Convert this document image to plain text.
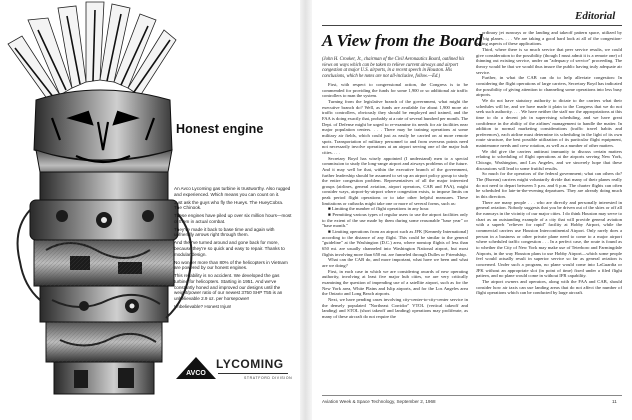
Honest engine

An Avco Lycoming gas turbine is trustworthy. Also rugged and experienced. Which means you can count on it.

Just ask the guys who fly the Hueys. The HueyCobra. The Chinook.

These engines have piled up over six million hours—most of them in actual combat.

They've made it back to base time and again with unfriendly arrows right through them.

And they've turned around and gone back for more, because they're so quick and easy to repair. Thanks to modular design.

No wonder more than 80% of the helicopters in Vietnam are powered by our honest engines.

This reliability is no accident. We developed the gas turbine for helicopters. Starting in 1951. And we've constantly honed and improved our designs until the weight/power ratio of our newest 3750 SHP T55 is an unbelievable 2.9 oz. per horsepower!

Unbelievable? Honest Injun!

AVCO
LYCOMING
STRATFORD DIVISION
Editorial
A View from the Board
(John H. Crooker, Jr., chairman of the Civil Aeronautics Board, outlined his views on ways which can be taken to relieve current airways and airport congestion at major U.S. airports, in a recent speech in Houston. His conclusions, which he notes are not all-inclusive, follow.—Ed.)

First, with respect to congressional action, the Congress is to be commended for providing the funds for some 1,900 or so additional air traffic controllers to man the system.

Turning from the legislative branch of the government, what might the executive branch do? Well, as funds are available for about 1,900 more air traffic controllers, obviously they should be employed and trained, and the FAA is doing exactly that, probably at a rate of several hundred per month. The Dept. of Defense might be urged to re-examine its needs for air facilities near major population centers. . . . There may be training operations at some military air fields, which could just as easily be carried on at more remote spots. Transportation of military personnel to and from overseas points need not necessarily involve operations at an airport serving one of the major hub cities. . . .

Secretary Boyd has wisely appointed (I understand) men to a special commission to study the long-range airport and airways problems of the future. And it may well be that, within the executive branch of the government, further leadership should be assumed to set up an airport policy group to study the entire congestion problem. Representatives of all the major interested groups (airlines, general aviation, airport operators, CAB and FAA), might consider ways, airport-by-airport where congestion exists, to impose limits on peak period flight operations or to take other helpful measures. These limitations or cutbacks might take one or more of several forms, such as:

■ Limiting the number of flight operations in any hour.

■ Permitting various types of regular users to use the airport facilities only to the extent of the use made by them during some reasonable "base year" or "base month."

■ Limiting operations from an airport such as JFK [Kennedy International] according to the distance of any flight. This could be similar to the general "guideline" at the Washington (D.C.) area, where nonstop flights of less than 650 mi. are usually channeled into Washington National airport, but most flights involving more than 650 mi. are funneled through Dulles or Friendship.

What can the CAB do, and more important, what have we been and what are we doing?

First, in each case in which we are considering awards of new operating authority, involving at least five major hub cities, we are very critically examining the question of impending use of a satellite airport, such as for the New York area, White Plains and Islip airports, and for the Los Angeles area the Ontario and Long Beach airports.

Next, we have pending cases involving city-center-to-city-center service in the densely populated "Northeast Corridor" VTOL (vertical takeoff and landing) and STOL (short takeoff and landing) operations may proliferate, as many of these aircraft do not require the

ordinary jet runways or the landing and takeoff pattern space, utilized by the big planes. . . . We are taking a good hard look at all of the congestion-easing aspects of these applications.

Third, where there is so much service that peer service results, we could give consideration to the possibility (though I must admit it is a remote one) of thinning out existing service, under an "adequacy of service" proceeding. The theory would be that we would thus insure the public having truly adequate air service.

Further, in what the CAB can do to help alleviate congestion: In considering the flight operations of large carriers, Secretary Boyd has indicated the possibility of giving attention to channeling some operations into less busy airports.

We do not have statutory authority to dictate to the carriers what their schedules will be, and we have made it plain to the Congress that we do not seek such authority. . . . We have neither the staff nor the appropriations at this time to do a decent job in supervising scheduling, and we have great confidence in the ability of the airlines' management to handle the matter. In addition to normal marketing considerations (traffic travel habits and preferences), each airline must determine its scheduling in the light of its own route structure, the best possible utilization of its particular flight equipment, maintenance needs and crew rotation, as well as a number of other matters.

We did give the carriers antitrust immunity to discuss certain matters relating to scheduling of flight operations at the airports serving New York, Chicago, Washington, and Los Angeles, and we sincerely hope that these discussions will lead to some fruitful results.

So much for the operators of the federal government; what can others do? The (Bureau) carriers might voluntarily divide that many of their planes really do not need to depart between 5 p.m. and 6 p.m. The charter flights can often be scheduled for late-in-the-evening departures. They are already doing much in this direction.

There are many people . . . who are directly and personally interested in general aviation. Nobody suggests that you be driven out of the skies or off all the runways in the vicinity of our major cities. I do think Houston may serve to chart as an outstanding example of a city that will provide general aviation with a superb "reliever for rapid" facility at Hobby Airport, while the commercial carriers use Houston Intercontinental Airport. Only rarely does a person in a business or other private plane need to come to a major airport where scheduled traffic congestion . . . In a perfect case, the route is found as to whether the City of New York may make use of Teterboro and Farmingdale Airports, in the way Houston plans to use Hobby Airport—which some people feel would actually result in superior service so far as general aviation is concerned. Under such a program, no plane would come into LaGuardia or JFK without an appropriate slot (in point of time) fixed under a filed flight pattern, and no plane would come in without IFR capability.

The airport owners and operators, along with the FAA and CAB, should consider how air taxis can use landing areas that do not affect the number of flight operations which can be conducted by large aircraft.

Aviation Week & Space Technology, September 2, 1968	11
